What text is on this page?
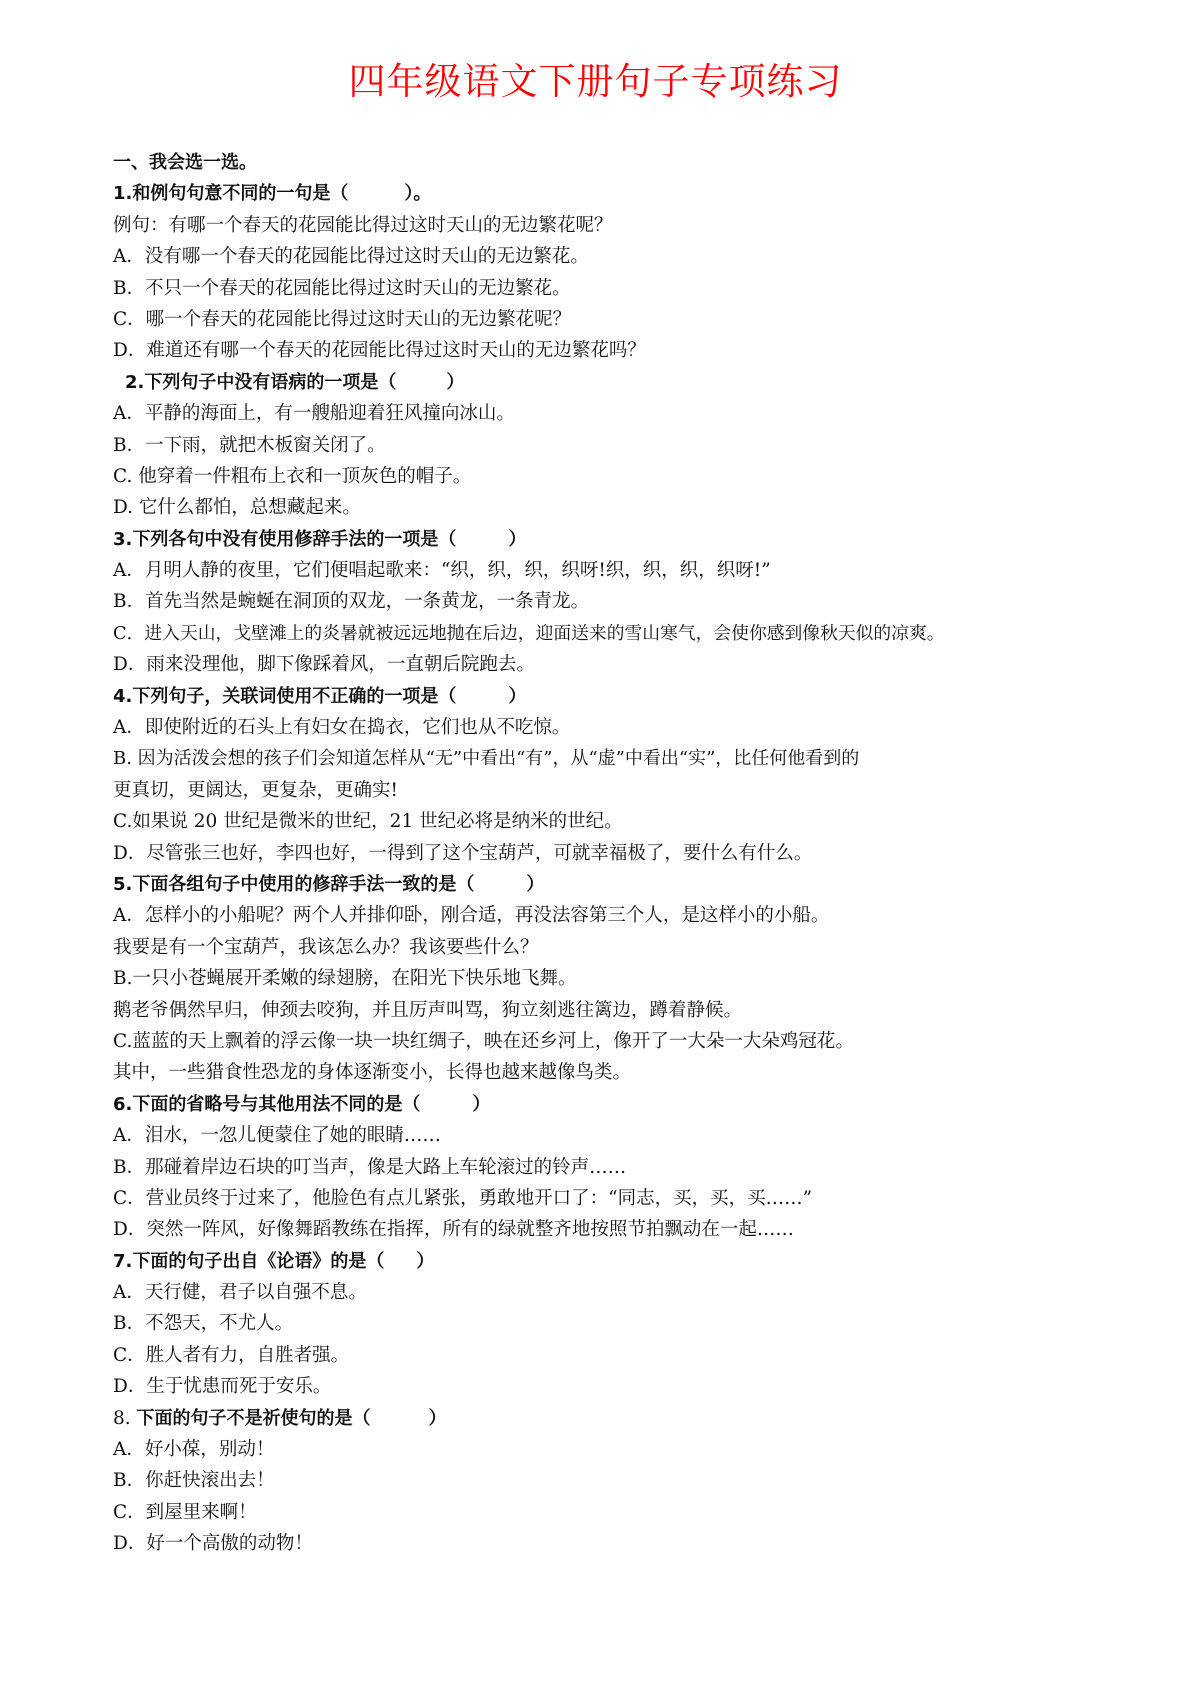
四年级语文下册句子专项练习
一、我会选一选。
1.和例句句意不同的一句是（	）。
例句：有哪一个春天的花园能比得过这时天山的无边繁花呢？
A．没有哪一个春天的花园能比得过这时天山的无边繁花。
B．不只一个春天的花园能比得过这时天山的无边繁花。
C．哪一个春天的花园能比得过这时天山的无边繁花呢？
D．难道还有哪一个春天的花园能比得过这时天山的无边繁花吗？
2.下列句子中没有语病的一项是（	）
A．平静的海面上，有一艘船迎着狂风撞向冰山。
B．一下雨，就把木板窗关闭了。
C. 他穿着一件粗布上衣和一顶灰色的帽子。
D. 它什么都怕，总想藏起来。
3.下列各句中没有使用修辞手法的一项是（	）
A．月明人静的夜里，它们便唱起歌来：“织，织，织，织呀!织，织，织，织呀!”
B．首先当然是蜿蜒在洞顶的双龙，一条黄龙，一条青龙。
C．进入天山，戈壁滩上的炎暑就被远远地抛在后边，迎面送来的雪山寒气，会使你感到像秋天似的凉爽。
D．雨来没理他，脚下像踩着风，一直朝后院跑去。
4.下列句子，关联词使用不正确的一项是（	）
A．即使附近的石头上有妇女在捣衣，它们也从不吃惊。
B. 因为活泼会想的孩子们会知道怎样从“无”中看出“有”，从“虚”中看出“实”，比任何他看到的
更真切，更阔达，更复杂，更确实!
C.如果说 20 世纪是微米的世纪，21 世纪必将是纳米的世纪。
D．尽管张三也好，李四也好，一得到了这个宝葫芦，可就幸福极了，要什么有什么。
5.下面各组句子中使用的修辞手法一致的是（	）
A．怎样小的小船呢？两个人并排仰卧，刚合适，再没法容第三个人，是这样小的小船。
我要是有一个宝葫芦，我该怎么办？我该要些什么？
B.一只小苍蝇展开柔嫩的绿翅膀，在阳光下快乐地飞舞。
鹅老爷偶然早归，伸颈去咬狗，并且厉声叫骂，狗立刻逃往篱边，蹲着静候。
C.蓝蓝的天上飘着的浮云像一块一块红绸子，映在还乡河上，像开了一大朵一大朵鸡冠花。
其中，一些猎食性恐龙的身体逐渐变小，长得也越来越像鸟类。
6.下面的省略号与其他用法不同的是（	）
A．泪水，一忽儿便蒙住了她的眼睛……
B．那碰着岸边石块的叮当声，像是大路上车轮滚过的铃声……
C．营业员终于过来了，他脸色有点儿紧张，勇敢地开口了：“同志，买，买，买……”
D．突然一阵风，好像舞蹈教练在指挥，所有的绿就整齐地按照节拍飘动在一起……
7.下面的句子出自《论语》的是（ ）
A．天行健，君子以自强不息。
B．不怨天，不尤人。
C．胜人者有力，自胜者强。
D．生于忧患而死于安乐。
8. 下面的句子不是祈使句的是（	）
A．好小葆，别动！
B．你赶快滚出去！
C．到屋里来啊！
D．好一个高傲的动物！
